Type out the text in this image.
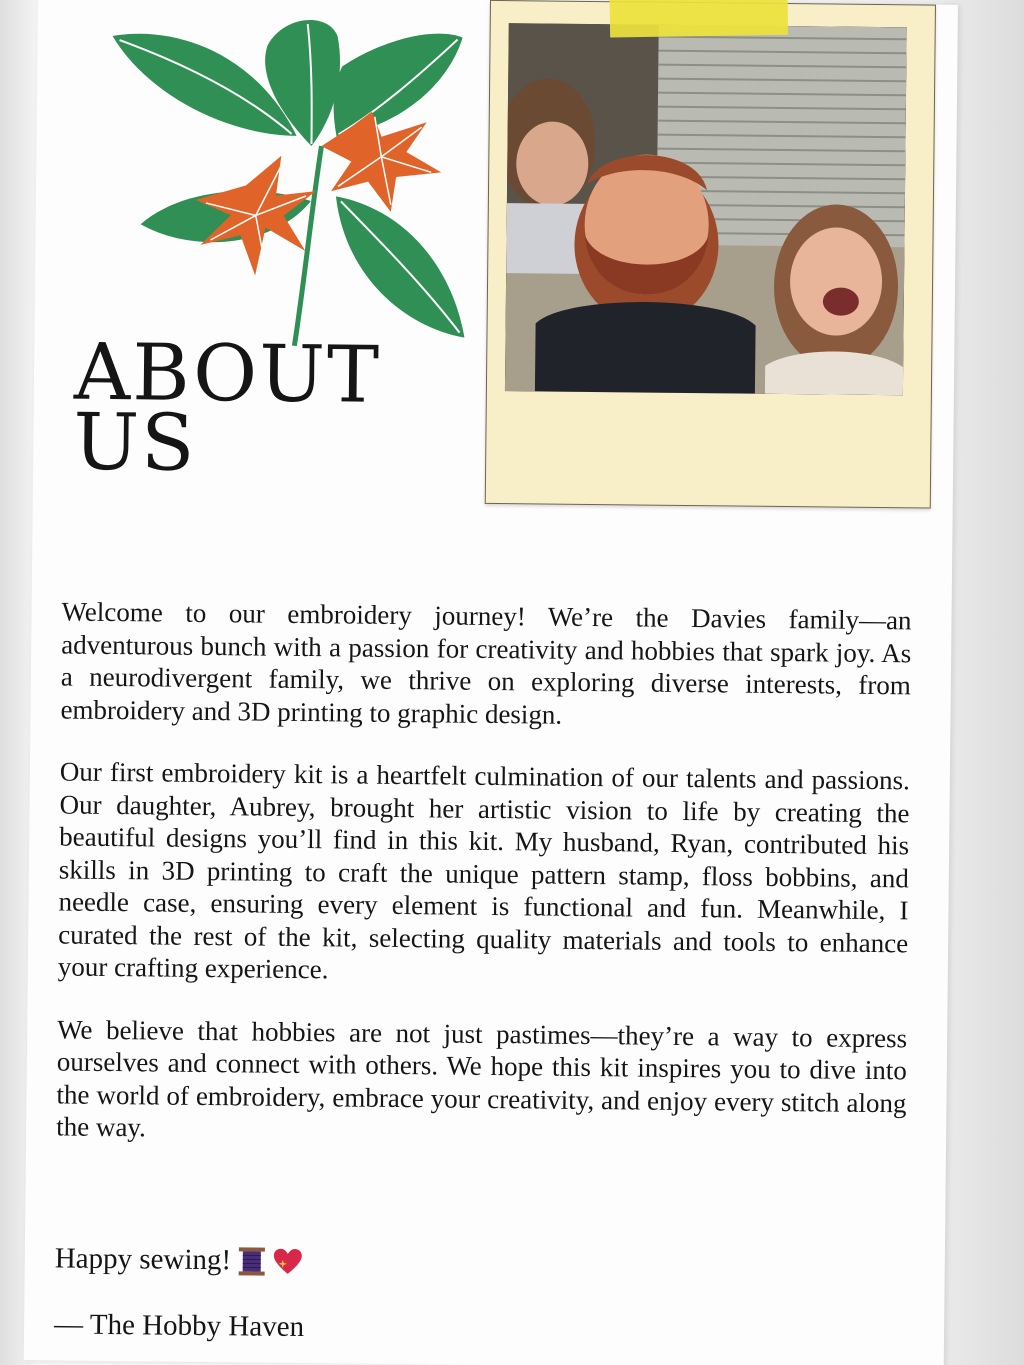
ABOUT
US

Welcome to our embroidery journey! We’re the Davies family—an adventurous bunch with a passion for creativity and hobbies that spark joy. As a neurodivergent family, we thrive on exploring diverse interests, from embroidery and 3D printing to graphic design.

Our first embroidery kit is a heartfelt culmination of our talents and passions. Our daughter, Aubrey, brought her artistic vision to life by creating the beautiful designs you’ll find in this kit. My husband, Ryan, contributed his skills in 3D printing to craft the unique pattern stamp, floss bobbins, and needle case, ensuring every element is functional and fun. Meanwhile, I curated the rest of the kit, selecting quality materials and tools to enhance your crafting experience.

We believe that hobbies are not just pastimes—they’re a way to express ourselves and connect with others. We hope this kit inspires you to dive into the world of embroidery, embrace your creativity, and enjoy every stitch along the way.

Happy sewing!
— The Hobby Haven
